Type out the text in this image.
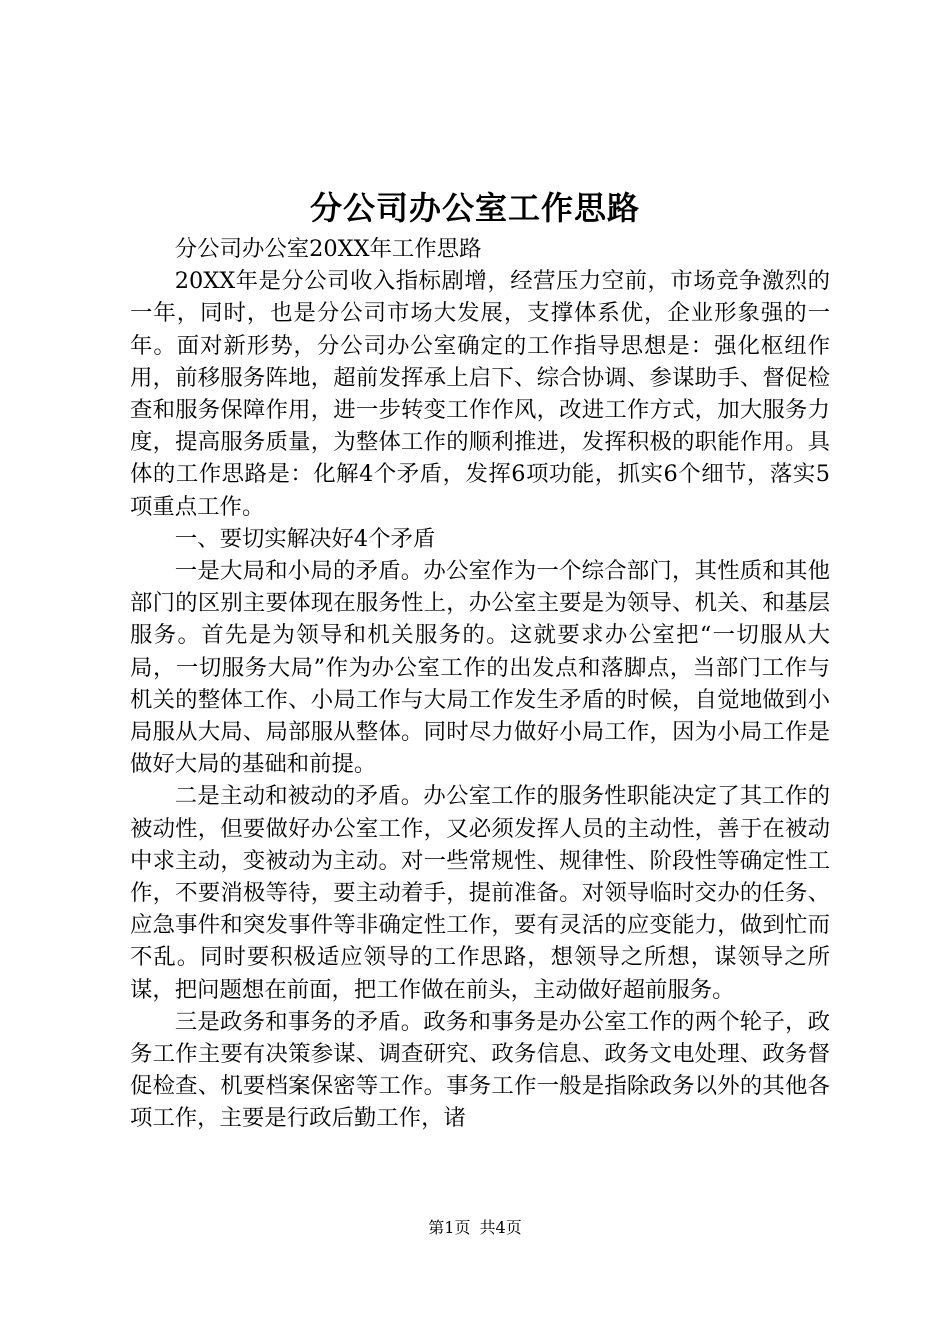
分公司办公室工作思路

分公司办公室20XX年工作思路

20XX年是分公司收入指标剧增，经营压力空前，市场竞争激烈的一年，同时，也是分公司市场大发展，支撑体系优，企业形象强的一年。面对新形势，分公司办公室确定的工作指导思想是：强化枢纽作用，前移服务阵地，超前发挥承上启下、综合协调、参谋助手、督促检查和服务保障作用，进一步转变工作作风，改进工作方式，加大服务力度，提高服务质量，为整体工作的顺利推进，发挥积极的职能作用。具体的工作思路是：化解4个矛盾，发挥6项功能，抓实6个细节，落实5项重点工作。

一、要切实解决好4个矛盾

一是大局和小局的矛盾。办公室作为一个综合部门，其性质和其他部门的区别主要体现在服务性上，办公室主要是为领导、机关、和基层服务。首先是为领导和机关服务的。这就要求办公室把“一切服从大局，一切服务大局”作为办公室工作的出发点和落脚点，当部门工作与机关的整体工作、小局工作与大局工作发生矛盾的时候，自觉地做到小局服从大局、局部服从整体。同时尽力做好小局工作，因为小局工作是做好大局的基础和前提。

二是主动和被动的矛盾。办公室工作的服务性职能决定了其工作的被动性，但要做好办公室工作，又必须发挥人员的主动性，善于在被动中求主动，变被动为主动。对一些常规性、规律性、阶段性等确定性工作，不要消极等待，要主动着手，提前准备。对领导临时交办的任务、应急事件和突发事件等非确定性工作，要有灵活的应变能力，做到忙而不乱。同时要积极适应领导的工作思路，想领导之所想，谋领导之所谋，把问题想在前面，把工作做在前头，主动做好超前服务。

三是政务和事务的矛盾。政务和事务是办公室工作的两个轮子，政务工作主要有决策参谋、调查研究、政务信息、政务文电处理、政务督促检查、机要档案保密等工作。事务工作一般是指除政务以外的其他各项工作，主要是行政后勤工作，诸

第1页 共4页
